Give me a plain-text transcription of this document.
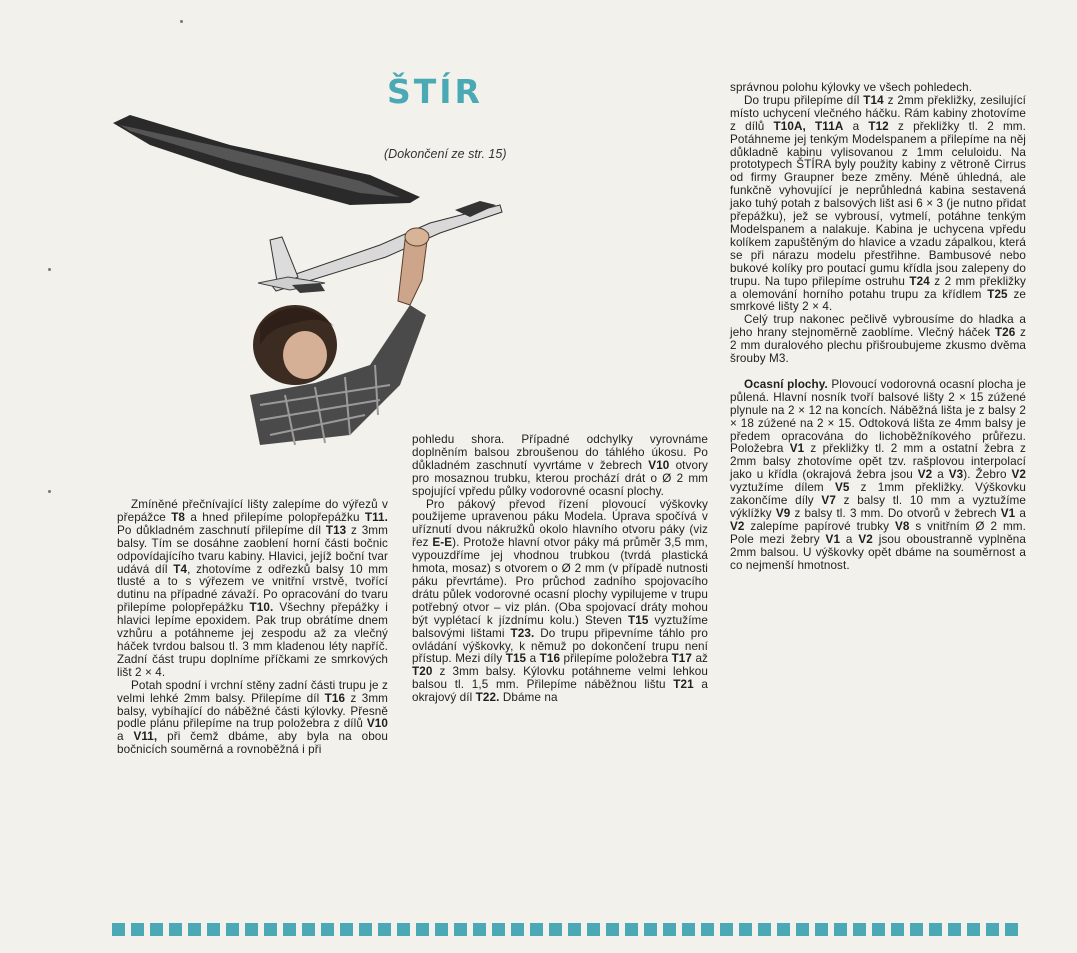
ŠTÍR
(Dokončení ze str. 15)

Zmíněné přečnívající lišty zalepíme do výřezů v přepážce T8 a hned přilepíme polopřepážku T11. Po důkladném zaschnutí přilepíme díl T13 z 3mm balsy. Tím se dosáhne zaoblení horní části bočnic odpovídajícího tvaru kabiny. Hlavici, jejíž boční tvar udává díl T4, zhotovíme z odřezků balsy 10 mm tlusté a to s výřezem ve vnitřní vrstvě, tvořící dutinu na případné závaží. Po opracování do tvaru přilepíme polopřepážku T10. Všechny přepážky i hlavici lepíme epoxidem. Pak trup obrátíme dnem vzhůru a potáhneme jej zespodu až za vlečný háček tvrdou balsou tl. 3 mm kladenou léty napříč. Zadní část trupu doplníme příčkami ze smrkových lišt 2 × 4.

Potah spodní i vrchní stěny zadní části trupu je z velmi lehké 2mm balsy. Přilepíme díl T16 z 3mm balsy, vybíhající do náběžné části kýlovky. Přesně podle plánu přilepíme na trup položebra z dílů V10 a V11, při čemž dbáme, aby byla na obou bočnicích souměrná a rovnoběžná i při

pohledu shora. Případné odchylky vyrovnáme doplněním balsou zbroušenou do táhlého úkosu. Po důkladném zaschnutí vyvrtáme v žebrech V10 otvory pro mosaznou trubku, kterou prochází drát o Ø 2 mm spojující vpředu půlky vodorovné ocasní plochy.

Pro pákový převod řízení plovoucí výškovky použijeme upravenou páku Modela. Úprava spočívá v uříznutí dvou nákružků okolo hlavního otvoru páky (viz řez E-E). Protože hlavní otvor páky má průměr 3,5 mm, vypouzdříme jej vhodnou trubkou (tvrdá plastická hmota, mosaz) s otvorem o Ø 2 mm (v případě nutnosti páku převrtáme). Pro průchod zadního spojovacího drátu půlek vodorovné ocasní plochy vypilujeme v trupu potřebný otvor – viz plán. (Oba spojovací dráty mohou být vyplétací k jízdnímu kolu.) Steven T15 vyztužíme balsovými lištami T23. Do trupu připevníme táhlo pro ovládání výškovky, k němuž po dokončení trupu není přístup. Mezi díly T15 a T16 přilepíme položebra T17 až T20 z 3mm balsy. Kýlovku potáhneme velmi lehkou balsou tl. 1,5 mm. Přilepíme náběžnou lištu T21 a okrajový díl T22. Dbáme na

správnou polohu kýlovky ve všech pohledech.

Do trupu přilepíme díl T14 z 2mm překližky, zesilující místo uchycení vlečného háčku. Rám kabiny zhotovíme z dílů T10A, T11A a T12 z překližky tl. 2 mm. Potáhneme jej tenkým Modelspanem a přilepíme na něj důkladně kabinu vylisovanou z 1mm celuloidu. Na prototypech ŠTÍRA byly použity kabiny z větroně Cirrus od firmy Graupner beze změny. Méně úhledná, ale funkčně vyhovující je neprůhledná kabina sestavená jako tuhý potah z balsových lišt asi 6 × 3 (je nutno přidat přepážku), jež se vybrousí, vytmelí, potáhne tenkým Modelspanem a nalakuje. Kabina je uchycena vpředu kolíkem zapuštěným do hlavice a vzadu zápalkou, která se při nárazu modelu přestřihne. Bambusové nebo bukové kolíky pro poutací gumu křídla jsou zalepeny do trupu. Na tupo přilepíme ostruhu T24 z 2 mm překližky a olemování horního potahu trupu za křídlem T25 ze smrkové lišty 2 × 4.

Celý trup nakonec pečlivě vybrousíme do hladka a jeho hrany stejnoměrně zaoblíme. Vlečný háček T26 z 2 mm duralového plechu přišroubujeme zkusmo dvěma šrouby M3.

Ocasní plochy. Plovoucí vodorovná ocasní plocha je půlená. Hlavní nosník tvoří balsové lišty 2 × 15 zúžené plynule na 2 × 12 na koncích. Náběžná lišta je z balsy 2 × 18 zúžené na 2 × 15. Odtoková lišta ze 4mm balsy je předem opracována do lichoběžníkového průřezu. Položebra V1 z překližky tl. 2 mm a ostatní žebra z 2mm balsy zhotovíme opět tzv. rašplovou interpolací jako u křídla (okrajová žebra jsou V2 a V3). Žebro V2 vyztužíme dílem V5 z 1mm překližky. Výškovku zakončíme díly V7 z balsy tl. 10 mm a vyztužíme výklížky V9 z balsy tl. 3 mm. Do otvorů v žebrech V1 a V2 zalepíme papírové trubky V8 s vnitřním Ø 2 mm. Pole mezi žebry V1 a V2 jsou oboustranně vyplněna 2mm balsou. U výškovky opět dbáme na souměrnost a co nejmenší hmotnost.
